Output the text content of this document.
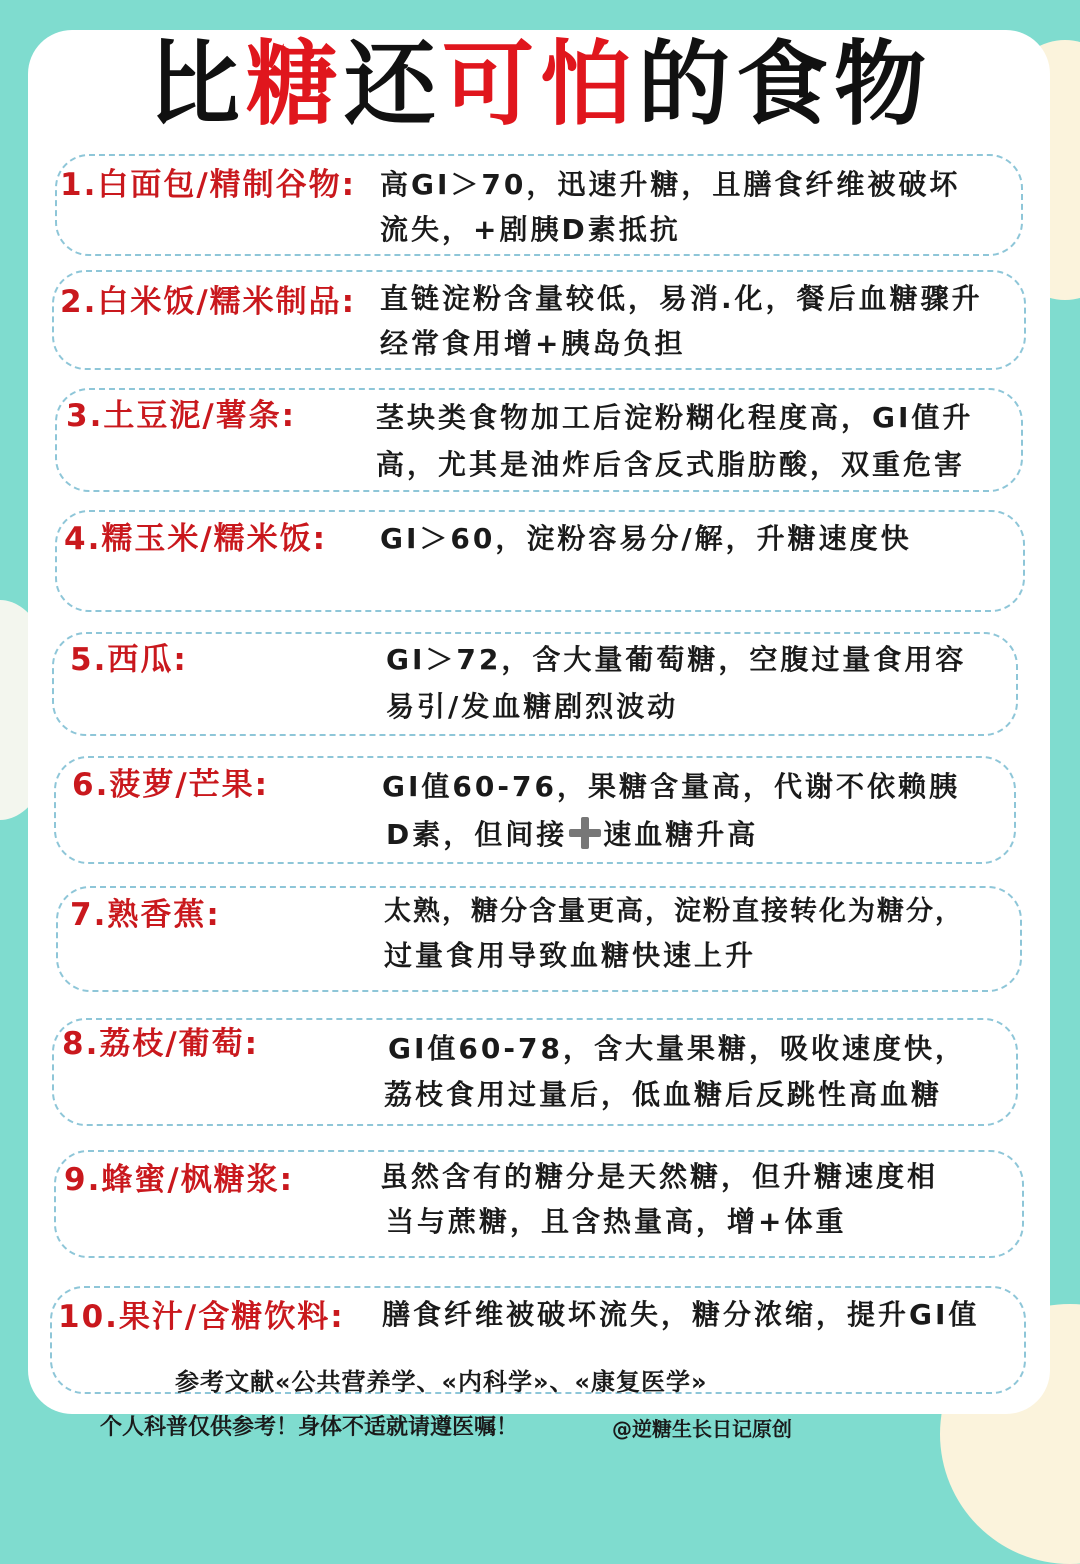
比糖还可怕的食物
1.白面包/精制谷物: 高GI＞70，迅速升糖，且膳食纤维被破坏
流失，+剧胰D素抵抗
2.白米饭/糯米制品: 直链淀粉含量较低，易消.化，餐后血糖骤升
经常食用增+胰岛负担
3.土豆泥/薯条:	茎块类食物加工后淀粉糊化程度高，GI值升
高，尤其是油炸后含反式脂肪酸，双重危害
4.糯玉米/糯米饭: GI＞60，淀粉容易分/解，升糖速度快
5.西瓜:	GI＞72，含大量葡萄糖，空腹过量食用容
易引/发血糖剧烈波动
6.菠萝/芒果:	GI值60-76，果糖含量高，代谢不依赖胰
D素，但间接 速血糖升高
7.熟香蕉:	太熟，糖分含量更高，淀粉直接转化为糖分，
过量食用导致血糖快速上升
8.荔枝/葡萄:	GI值60-78，含大量果糖，吸收速度快，
荔枝食用过量后，低血糖后反跳性高血糖
9.蜂蜜/枫糖浆:	虽然含有的糖分是天然糖，但升糖速度相
当与蔗糖，且含热量高，增+体重
10.果汁/含糖饮料: 膳食纤维被破坏流失，糖分浓缩，提升GI值
参考文献«公共营养学、«内科学»、«康复医学»
个人科普仅供参考！身体不适就请遵医嘱！	@逆糖生长日记原创
